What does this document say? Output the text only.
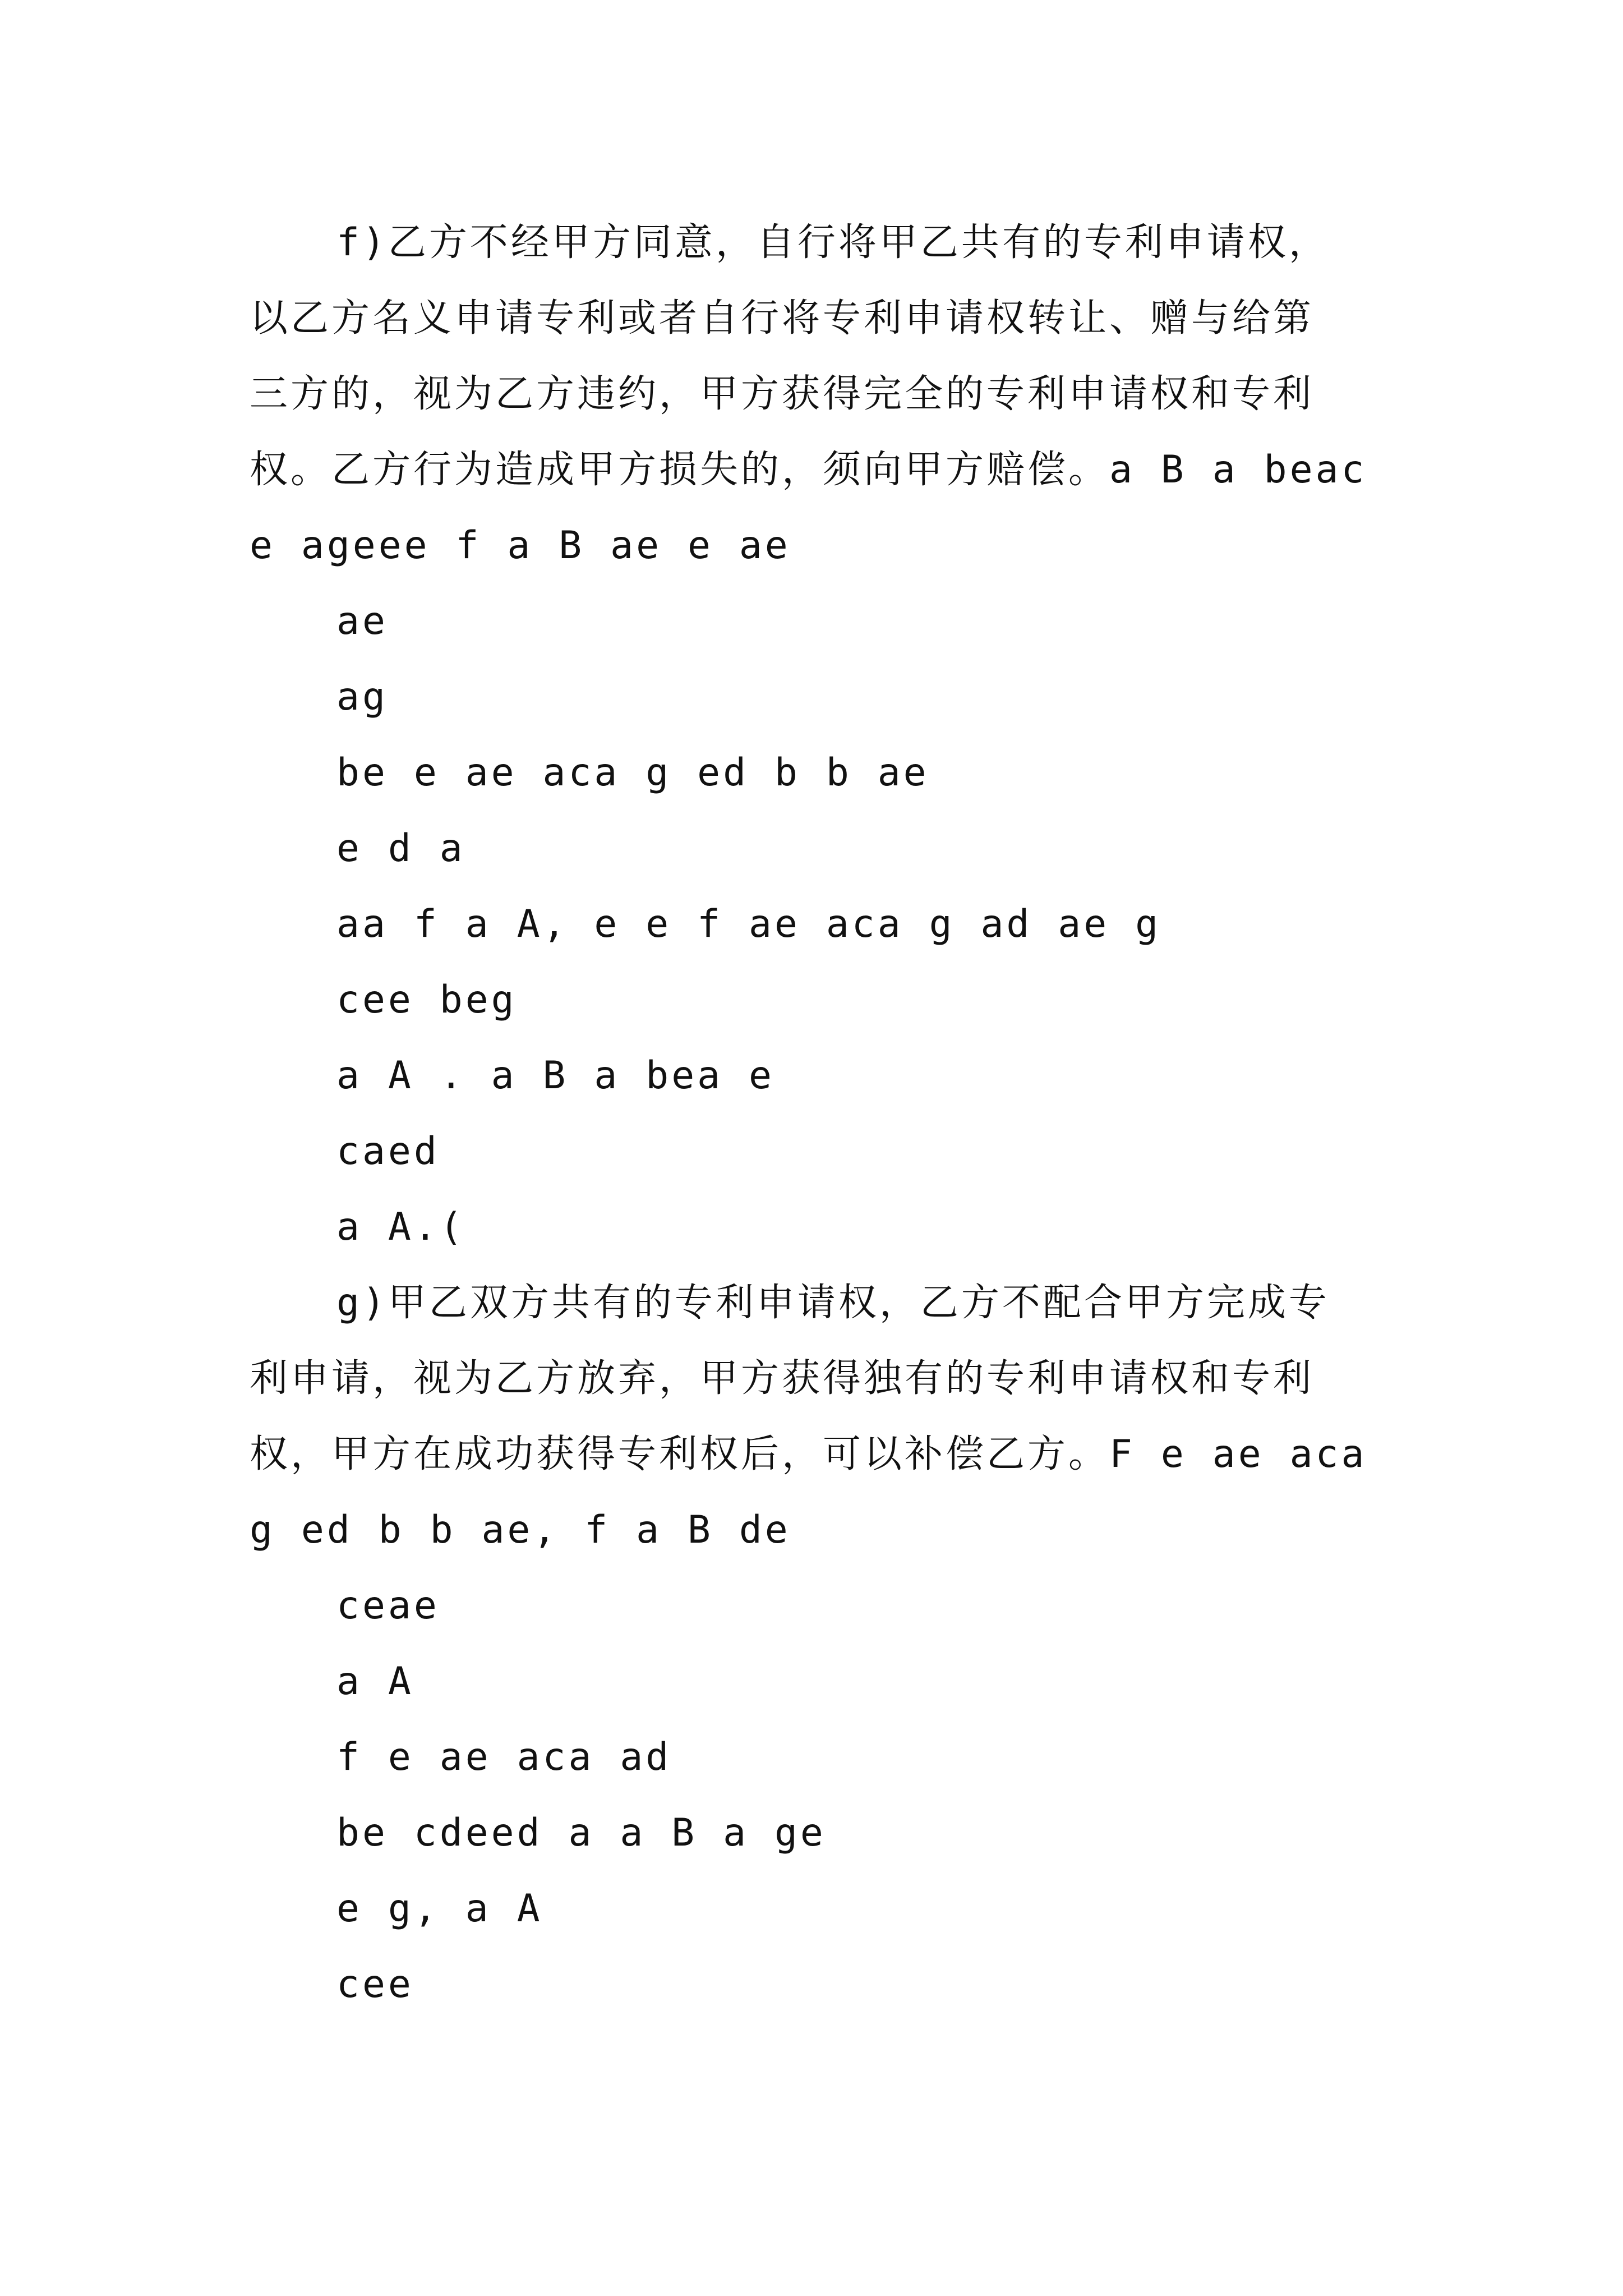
f)乙方不经甲方同意，自行将甲乙共有的专利申请权，
以乙方名义申请专利或者自行将专利申请权转让、赠与给第
三方的，视为乙方违约，甲方获得完全的专利申请权和专利
权。乙方行为造成甲方损失的，须向甲方赔偿。a B a beac
e ageee f a B ae e ae
ae
ag
be e ae aca g ed b b ae
e d a
aa f a A, e e f ae aca g ad ae g
cee beg
a A . a B a bea e
caed
a A.(
g)甲乙双方共有的专利申请权，乙方不配合甲方完成专
利申请，视为乙方放弃，甲方获得独有的专利申请权和专利
权，甲方在成功获得专利权后，可以补偿乙方。F e ae aca
g ed b b ae, f a B de
ceae
a A
f e ae aca ad
be cdeed a a B a ge
e g, a A
cee
